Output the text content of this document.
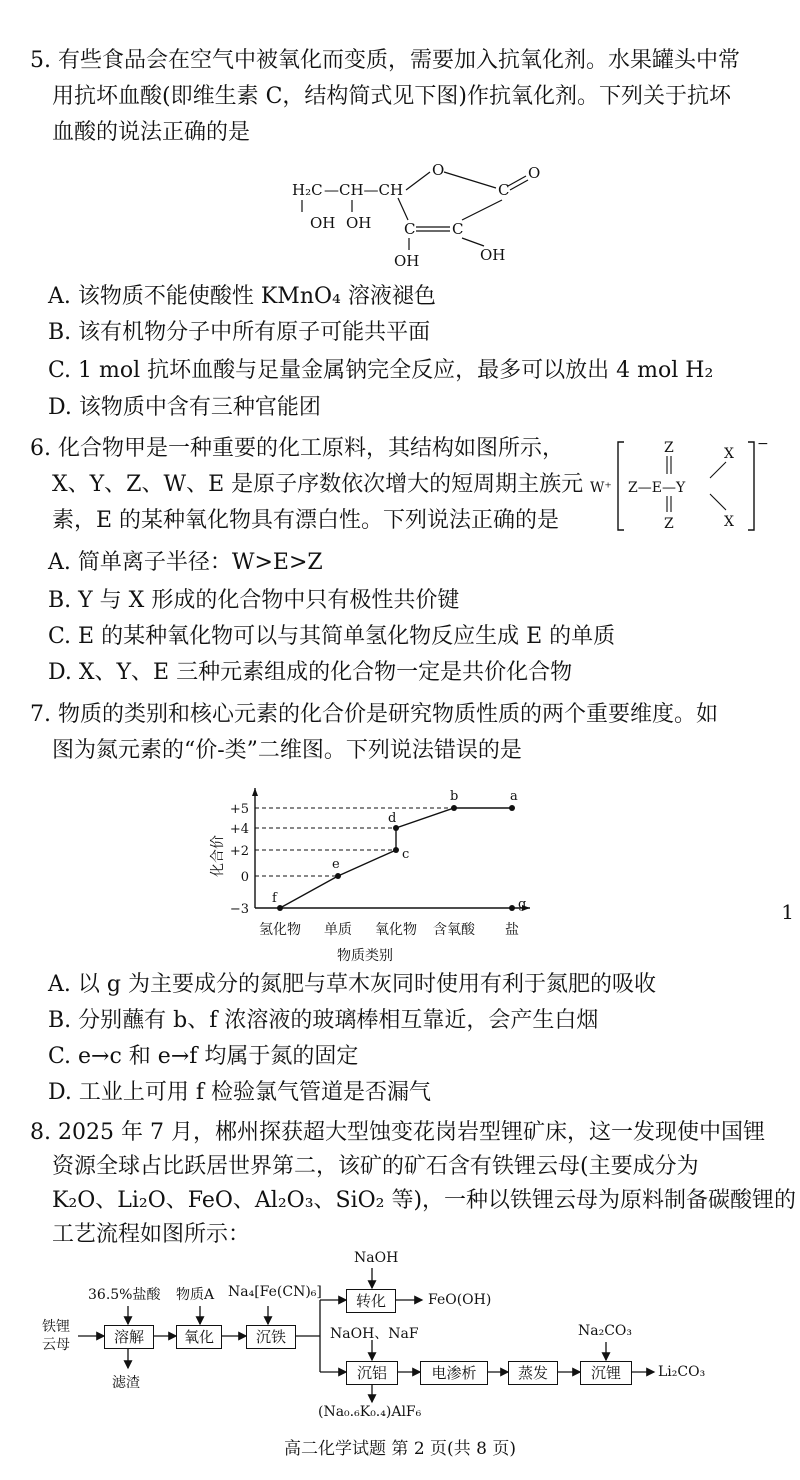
5. 有些食品会在空气中被氧化而变质，需要加入抗氧化剂。水果罐头中常
用抗坏血酸(即维生素 C，结构简式见下图)作抗氧化剂。下列关于抗坏
血酸的说法正确的是
H₂C —CH—CH
O
C
O
OH OH C C
OH	OH
A. 该物质不能使酸性 KMnO₄ 溶液褪色
B. 该有机物分子中所有原子可能共平面
C. 1 mol 抗坏血酸与足量金属钠完全反应，最多可以放出 4 mol H₂
D. 该物质中含有三种官能团
6. 化合物甲是一种重要的化工原料，其结构如图所示，
X、Y、Z、W、E 是原子序数依次增大的短周期主族元
素，E 的某种氧化物具有漂白性。下列说法正确的是
W⁺
−
Z
Z—E—Y
Z
X
X
A. 简单离子半径：W>E>Z
B. Y 与 X 形成的化合物中只有极性共价键
C. E 的某种氧化物可以与其简单氢化物反应生成 E 的单质
D. X、Y、E 三种元素组成的化合物一定是共价化合物
7. 物质的类别和核心元素的化合价是研究物质性质的两个重要维度。如
图为氮元素的“价-类”二维图。下列说法错误的是
+5
+4
+2
0
−3
f
e
c
d
b	a
g
氢化物 单质 氧化物 含氧酸 盐
物质类别
化合价
A. 以 g 为主要成分的氮肥与草木灰同时使用有利于氮肥的吸收
B. 分别蘸有 b、f 浓溶液的玻璃棒相互靠近，会产生白烟
C. e→c 和 e→f 均属于氮的固定
D. 工业上可用 f 检验氯气管道是否漏气
8. 2025 年 7 月，郴州探获超大型蚀变花岗岩型锂矿床，这一发现使中国锂
资源全球占比跃居世界第二，该矿的矿石含有铁锂云母(主要成分为
K₂O、Li₂O、FeO、Al₂O₃、SiO₂ 等)，一种以铁锂云母为原料制备碳酸锂的
工艺流程如图所示：
铁锂
云母
36.5%盐酸 物质A Na₄[Fe(CN)₆]
NaOH
NaOH、NaF	Na₂CO₃
溶解	氧化	沉铁
转化
沉铝	电渗析	蒸发	沉锂
滤渣
FeO(OH)
(Na₀.₆K₀.₄)AlF₆
Li₂CO₃
高二化学试题 第 2 页(共 8 页)
1
